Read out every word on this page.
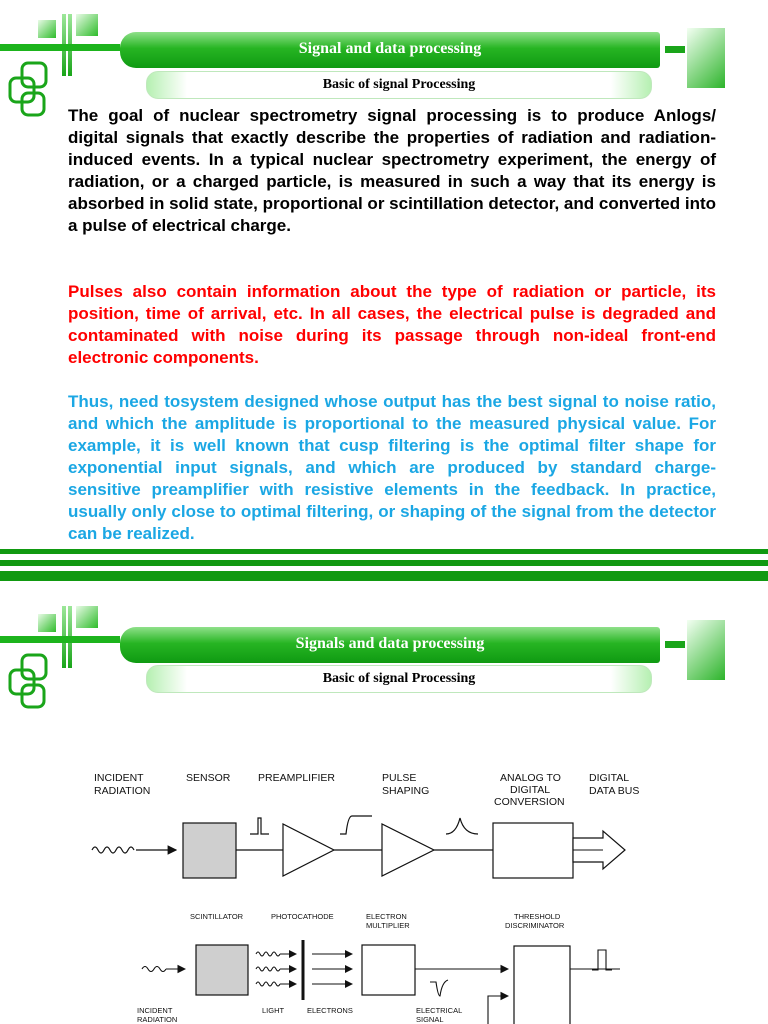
Signal and data processing
Basic of signal Processing

The goal of nuclear spectrometry signal processing is to produce Anlogs/ digital signals that exactly describe the properties of radiation and radiation-induced events. In a typical nuclear spectrometry experiment, the energy of radiation, or a charged particle, is measured in such a way that its energy is absorbed in solid state, proportional or scintillation detector, and converted into a pulse of electrical charge.

Pulses also contain information about the type of radiation or particle, its position, time of arrival, etc. In all cases, the electrical pulse is degraded and contaminated with noise during its passage through non-ideal front-end electronic components.

Thus, need tosystem designed whose output has the best signal to noise ratio, and which the amplitude is proportional to the measured physical value. For example, it is well known that cusp filtering is the optimal filter shape for exponential input signals, and which are produced by standard charge-sensitive preamplifier with resistive elements in the feedback. In practice, usually only close to optimal filtering, or shaping of the signal from the detector can be realized.

Signals and data processing
Basic of signal Processing
INCIDENT
RADIATION
SENSOR	PREAMPLIFIER	PULSE
SHAPING
ANALOG TO
DIGITAL
CONVERSION
DIGITAL
DATA BUS
SCINTILLATOR	PHOTOCATHODE	ELECTRON
MULTIPLIER
THRESHOLD
DISCRIMINATOR
INCIDENT
RADIATION
LIGHT	ELECTRONS	ELECTRICAL
SIGNAL
